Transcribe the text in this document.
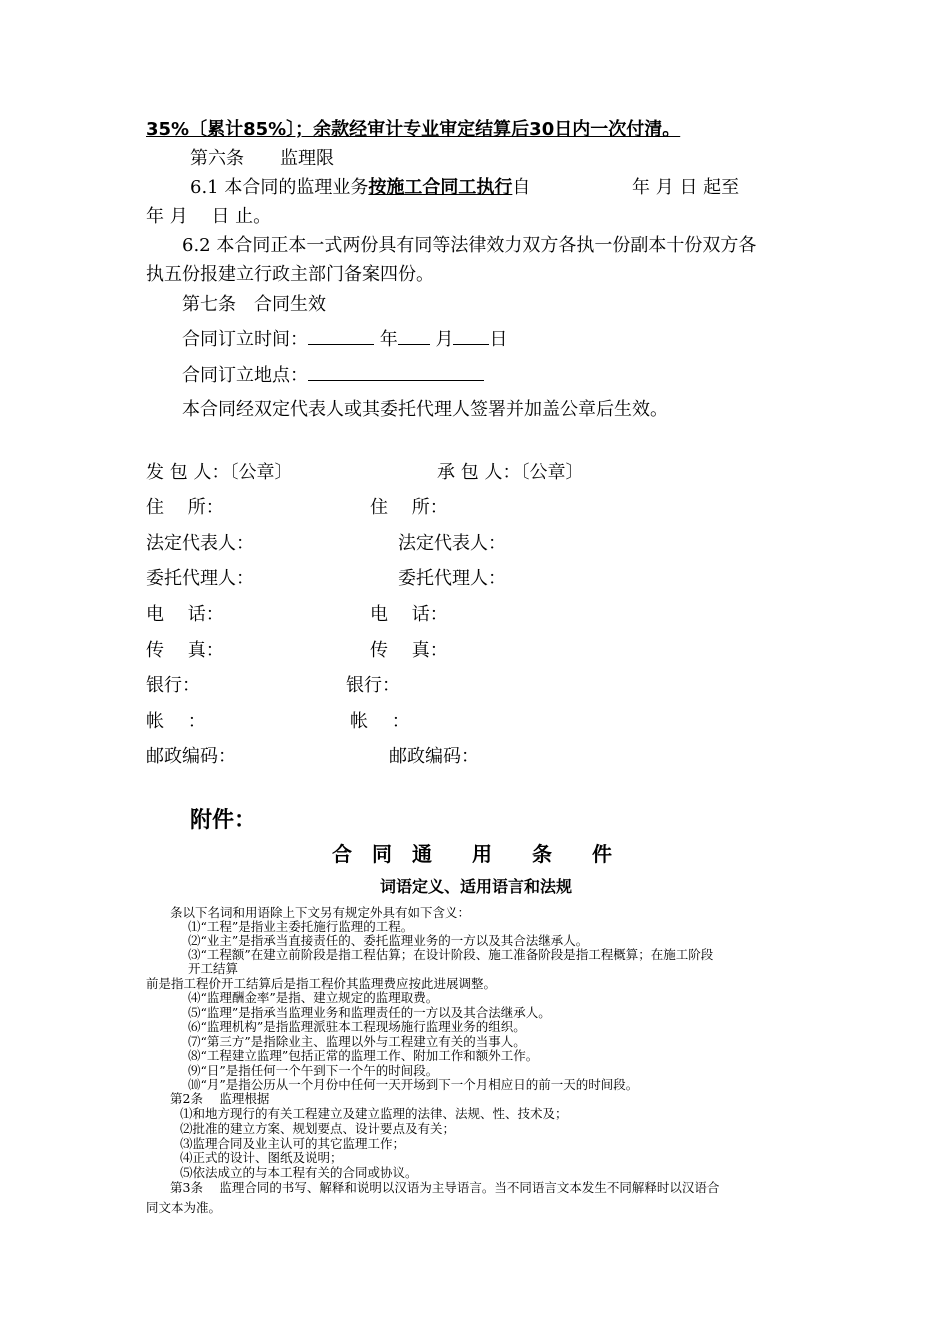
35%〔累计85%〕；余款经审计专业审定结算后30日内一次付清。
第六条　　监理限
6.1 本合同的监理业务按施工合同工执行自	年 月 日 起至
年 月　 日 止。
6.2 本合同正本一式两份具有同等法律效力双方各执一份副本十份双方各
执五份报建立行政主部门备案四份。
第七条　合同生效
合同订立时间：	年 月 日
合同订立地点：
本合同经双定代表人或其委托代理人签署并加盖公章后生效。
发 包 人：〔公章〕
住　 所：
法定代表人：
委托代理人：
电　 话：
传　 真：
银行：
帐　 ：
邮政编码：
承 包 人：〔公章〕
住　 所：
法定代表人：
委托代理人：
电　 话：
传　 真：
银行：
帐　 ：
邮政编码：
附件：
合　同　通　　用　　条　　件
词语定义、适用语言和法规
条以下名词和用语除上下文另有规定外具有如下含义：
⑴“工程”是指业主委托施行监理的工程。
⑵“业主”是指承当直接责任的、委托监理业务的一方以及其合法继承人。
⑶“工程额”在建立前阶段是指工程估算；在设计阶段、施工准备阶段是指工程概算；在施工阶段
开工结算
前是指工程价开工结算后是指工程价其监理费应按此进展调整。
⑷“监理酬金率”是指、建立规定的监理取费。
⑸“监理”是指承当监理业务和监理责任的一方以及其合法继承人。
⑹“监理机构”是指监理派驻本工程现场施行监理业务的组织。
⑺“第三方”是指除业主、监理以外与工程建立有关的当事人。
⑻“工程建立监理”包括正常的监理工作、附加工作和额外工作。
⑼“日”是指任何一个午到下一个午的时间段。
⑽“月”是指公历从一个月份中任何一天开场到下一个月相应日的前一天的时间段。
第2条　 监理根据
⑴和地方现行的有关工程建立及建立监理的法律、法规、性、技术及；
⑵批准的建立方案、规划要点、设计要点及有关；
⑶监理合同及业主认可的其它监理工作；
⑷正式的设计、图纸及说明；
⑸依法成立的与本工程有关的合同或协议。
第3条　 监理合同的书写、解释和说明以汉语为主导语言。当不同语言文本发生不同解释时以汉语合
同文本为准。
